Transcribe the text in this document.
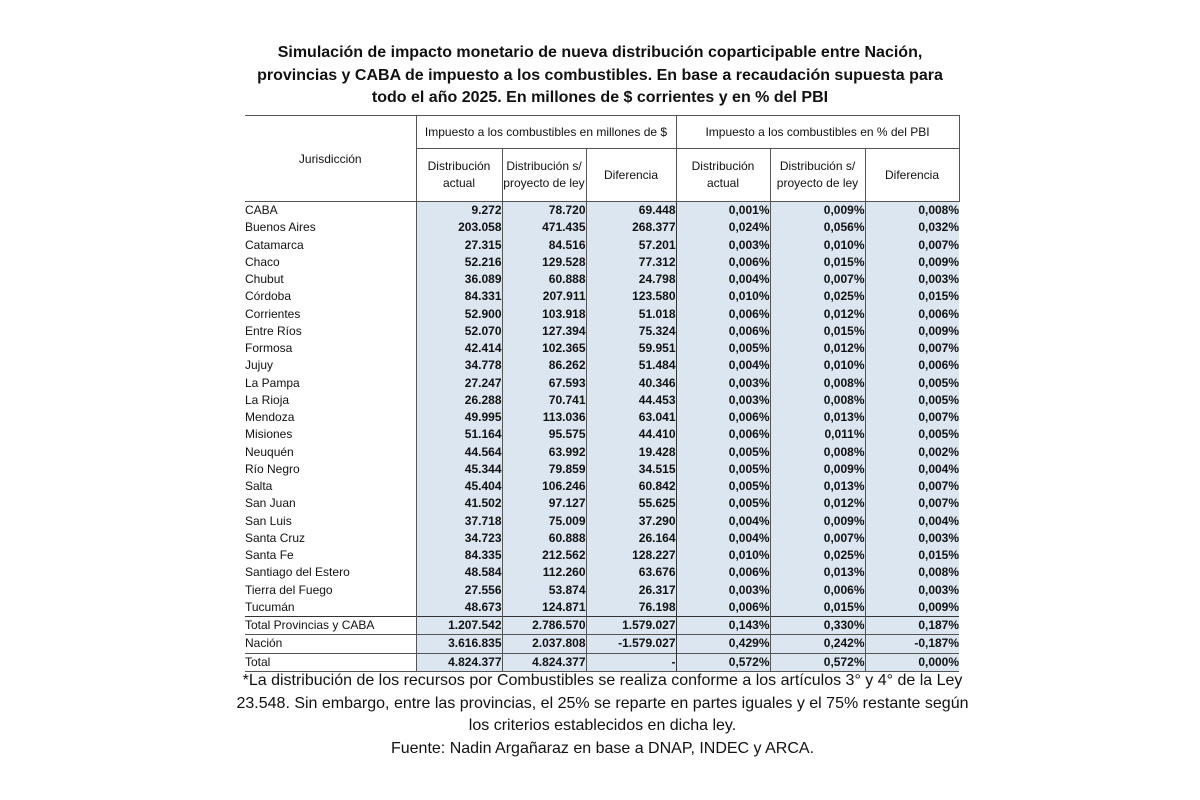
Simulación de impacto monetario de nueva distribución coparticipable entre Nación, provincias y CABA de impuesto a los combustibles. En base a recaudación supuesta para todo el año 2025. En millones de $ corrientes y en % del PBI
Jurisdicción	Impuesto a los combustibles en millones de $			Impuesto a los combustibles en % del PBI		
	Distribución actual	Distribución s/ proyecto de ley	Diferencia	Distribución actual	Distribución s/ proyecto de ley	Diferencia
CABA	9.272	78.720	69.448	0,001%	0,009%	0,008%
Buenos Aires	203.058	471.435	268.377	0,024%	0,056%	0,032%
Catamarca	27.315	84.516	57.201	0,003%	0,010%	0,007%
Chaco	52.216	129.528	77.312	0,006%	0,015%	0,009%
Chubut	36.089	60.888	24.798	0,004%	0,007%	0,003%
Córdoba	84.331	207.911	123.580	0,010%	0,025%	0,015%
Corrientes	52.900	103.918	51.018	0,006%	0,012%	0,006%
Entre Ríos	52.070	127.394	75.324	0,006%	0,015%	0,009%
Formosa	42.414	102.365	59.951	0,005%	0,012%	0,007%
Jujuy	34.778	86.262	51.484	0,004%	0,010%	0,006%
La Pampa	27.247	67.593	40.346	0,003%	0,008%	0,005%
La Rioja	26.288	70.741	44.453	0,003%	0,008%	0,005%
Mendoza	49.995	113.036	63.041	0,006%	0,013%	0,007%
Misiones	51.164	95.575	44.410	0,006%	0,011%	0,005%
Neuquén	44.564	63.992	19.428	0,005%	0,008%	0,002%
Río Negro	45.344	79.859	34.515	0,005%	0,009%	0,004%
Salta	45.404	106.246	60.842	0,005%	0,013%	0,007%
San Juan	41.502	97.127	55.625	0,005%	0,012%	0,007%
San Luis	37.718	75.009	37.290	0,004%	0,009%	0,004%
Santa Cruz	34.723	60.888	26.164	0,004%	0,007%	0,003%
Santa Fe	84.335	212.562	128.227	0,010%	0,025%	0,015%
Santiago del Estero	48.584	112.260	63.676	0,006%	0,013%	0,008%
Tierra del Fuego	27.556	53.874	26.317	0,003%	0,006%	0,003%
Tucumán	48.673	124.871	76.198	0,006%	0,015%	0,009%
Total Provincias y CABA	1.207.542	2.786.570	1.579.027	0,143%	0,330%	0,187%
Nación	3.616.835	2.037.808	-1.579.027	0,429%	0,242%	-0,187%
Total	4.824.377	4.824.377	-	0,572%	0,572%	0,000%
*La distribución de los recursos por Combustibles se realiza conforme a los artículos 3° y 4° de la Ley 23.548. Sin embargo, entre las provincias, el 25% se reparte en partes iguales y el 75% restante según los criterios establecidos en dicha ley.
Fuente: Nadin Argañaraz en base a DNAP, INDEC y ARCA.
